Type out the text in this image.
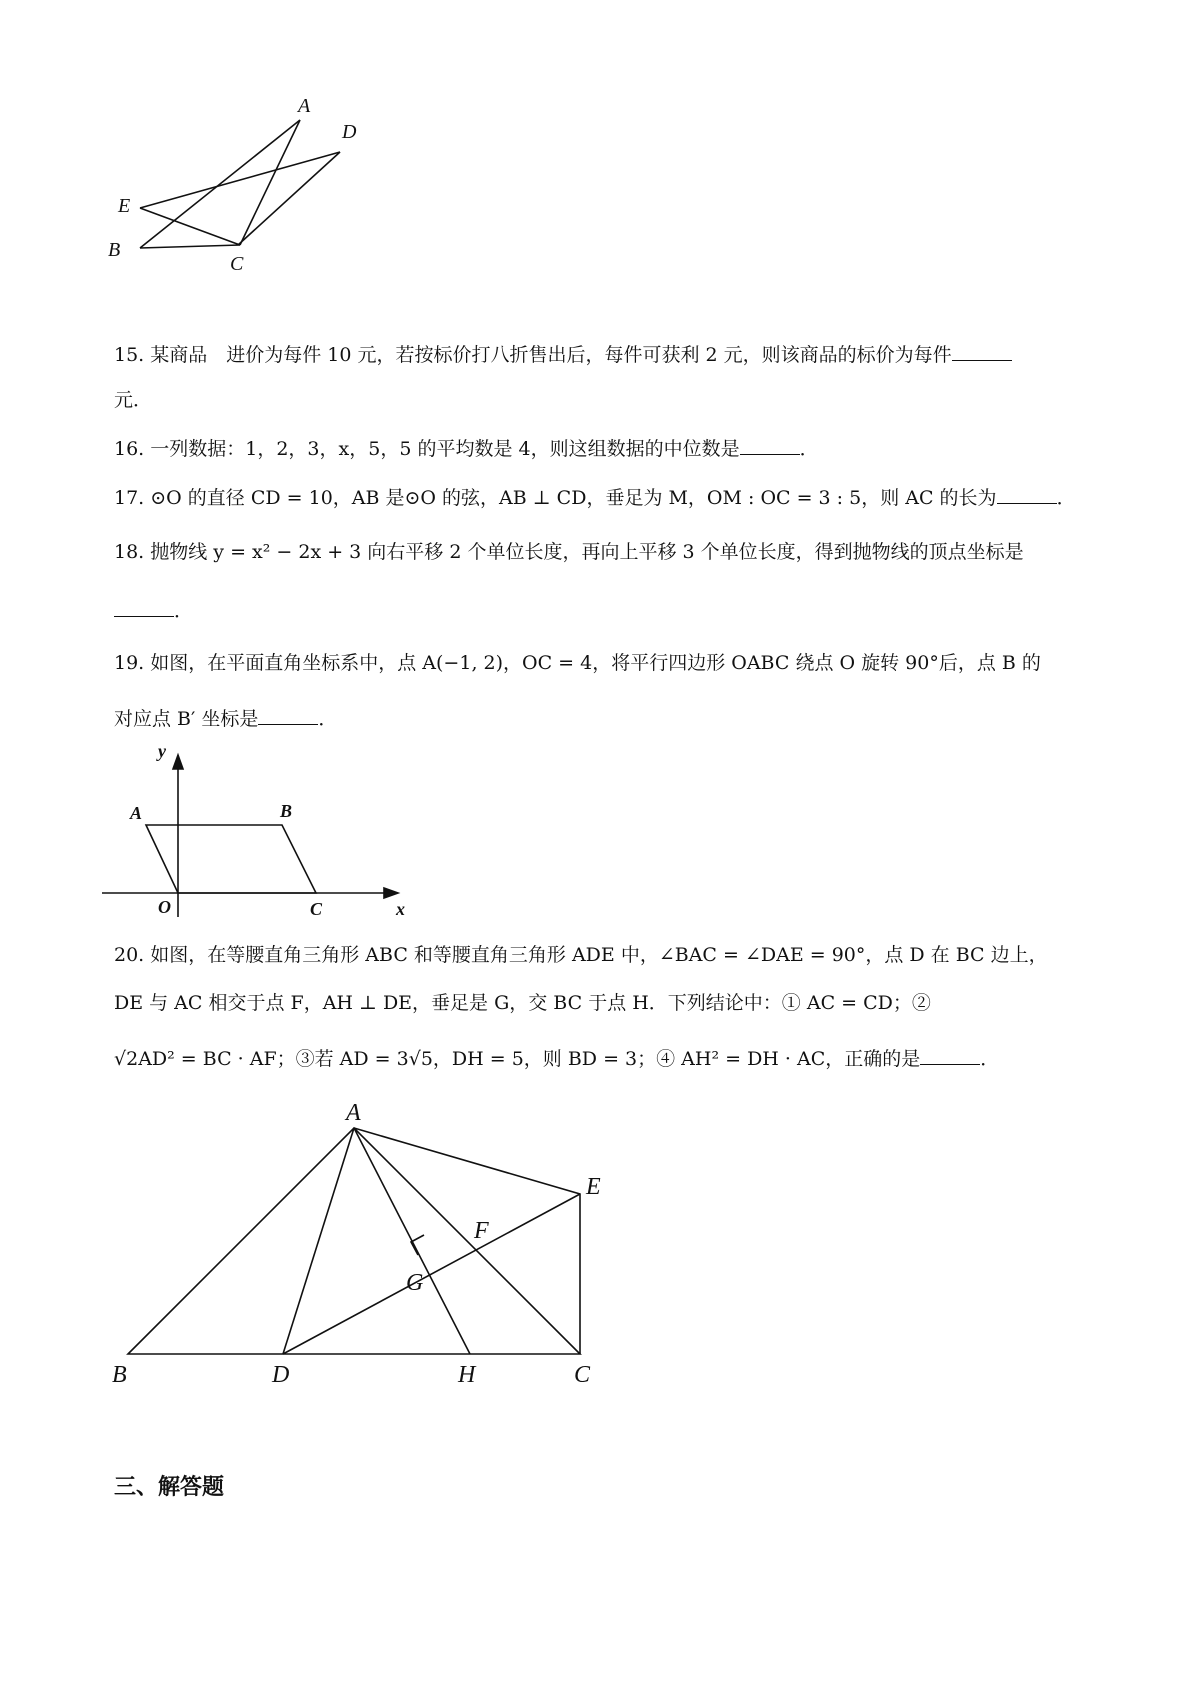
A
D
E
B
C
15. 某商品　进价为每件 10 元，若按标价打八折售出后，每件可获利 2 元，则该商品的标价为每件
元．
16. 一列数据：1，2，3，x，5，5 的平均数是 4，则这组数据的中位数是	．
17. ⊙O 的直径 CD = 10，AB 是⊙O 的弦，AB ⊥ CD，垂足为 M，OM : OC = 3 : 5，则 AC 的长为	．
18. 抛物线 y = x² − 2x + 3 向右平移 2 个单位长度，再向上平移 3 个单位长度，得到抛物线的顶点坐标是
．
19. 如图，在平面直角坐标系中，点 A(−1, 2)，OC = 4，将平行四边形 OABC 绕点 O 旋转 90°后，点 B 的
对应点 B′ 坐标是	．
y
x
A	B
O	C
20. 如图，在等腰直角三角形 ABC 和等腰直角三角形 ADE 中，∠BAC = ∠DAE = 90°，点 D 在 BC 边上，
DE 与 AC 相交于点 F，AH ⊥ DE，垂足是 G，交 BC 于点 H．下列结论中：① AC = CD；②
√2AD² = BC · AF；③若 AD = 3√5，DH = 5，则 BD = 3；④ AH² = DH · AC，正确的是	．
A
E
F
G
B	D	H	C
三、解答题
